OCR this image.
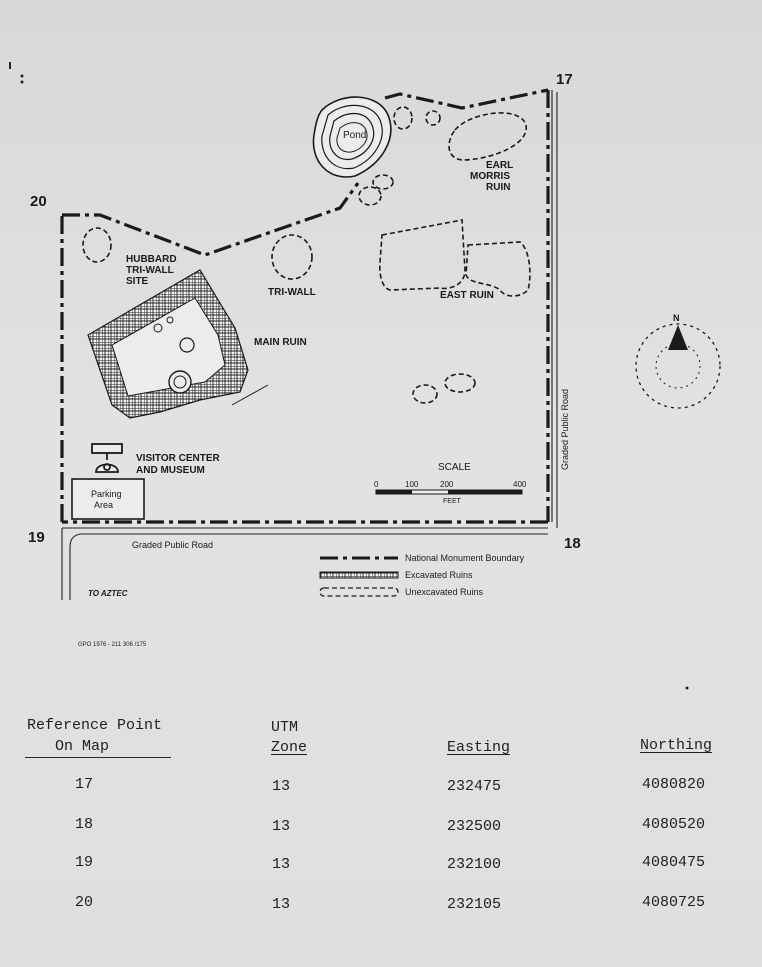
17
18
19
20
Pond
EARL
MORRIS
RUIN
HUBBARD
TRI-WALL
SITE
TRI-WALL	EAST RUIN
MAIN RUIN
VISITOR CENTER
AND MUSEUM
Parking
Area
Graded Public Road
Graded Public Road
TO AZTEC
GPO 1976 - 211 306 /175
SCALE
0	100	200	400
FEET
National Monument Boundary
Excavated Ruins
Unexcavated Ruins
N
Reference Point
On Map
UTM
Zone	Easting	Northing
17	13	232475	4080820
18	13	232500	4080520
19	13	232100	4080475
20	13	232105	4080725
